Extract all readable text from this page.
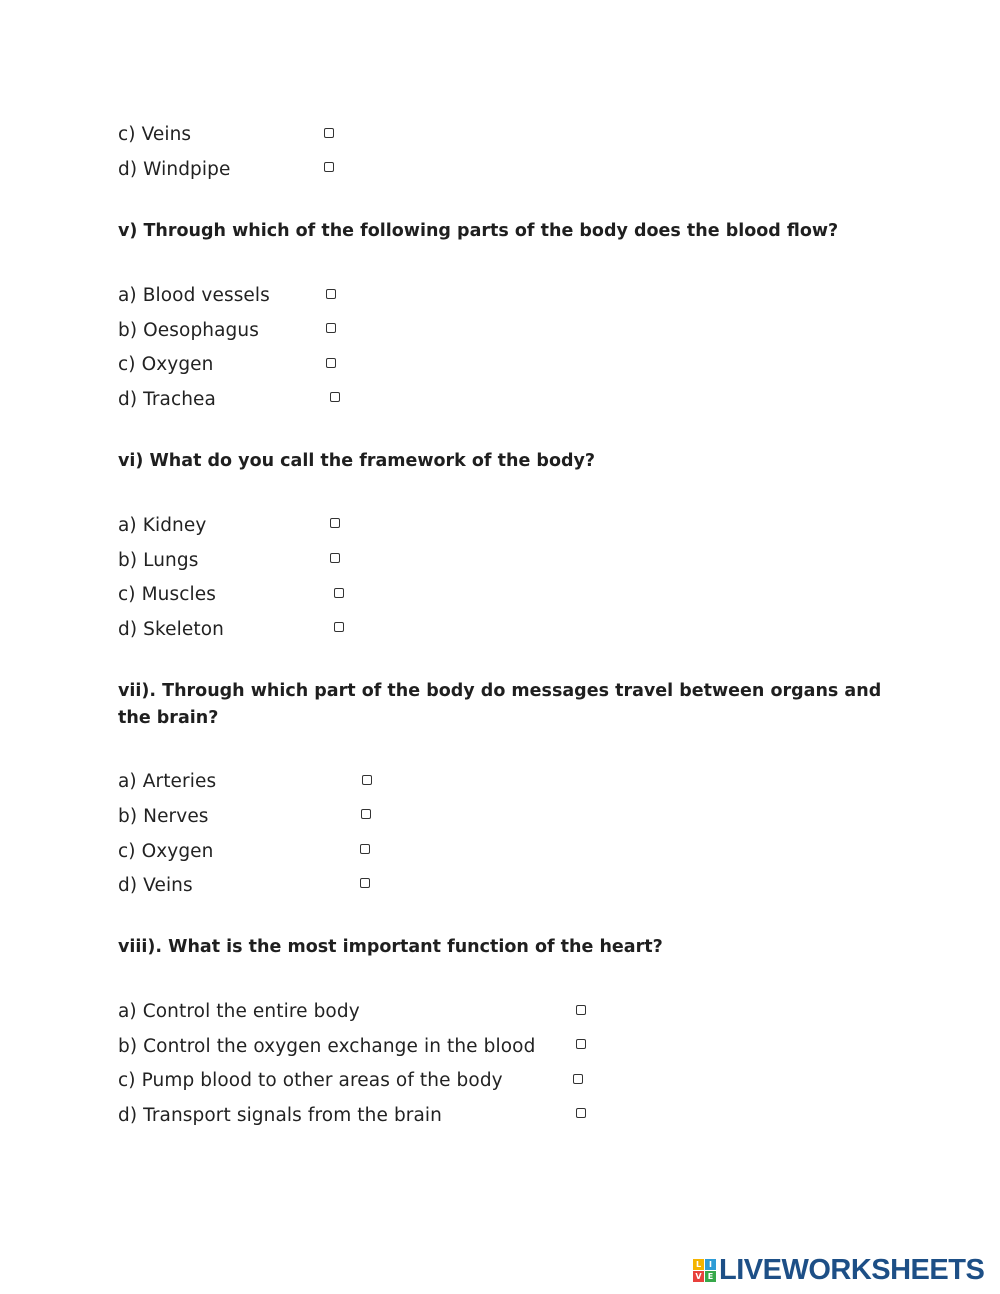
c) Veins
d) Windpipe
v) Through which of the following parts of the body does the blood flow?
a) Blood vessels
b) Oesophagus
c) Oxygen
d) Trachea
vi) What do you call the framework of the body?
a) Kidney
b) Lungs
c) Muscles
d) Skeleton
vii). Through which part of the body do messages travel between organs and the brain?
a) Arteries
b) Nerves
c) Oxygen
d) Veins
viii). What is the most important function of the heart?
a) Control the entire body
b) Control the oxygen exchange in the blood
c) Pump blood to other areas of the body
d) Transport signals from the brain
L I
V E LIVEWORKSHEETS
